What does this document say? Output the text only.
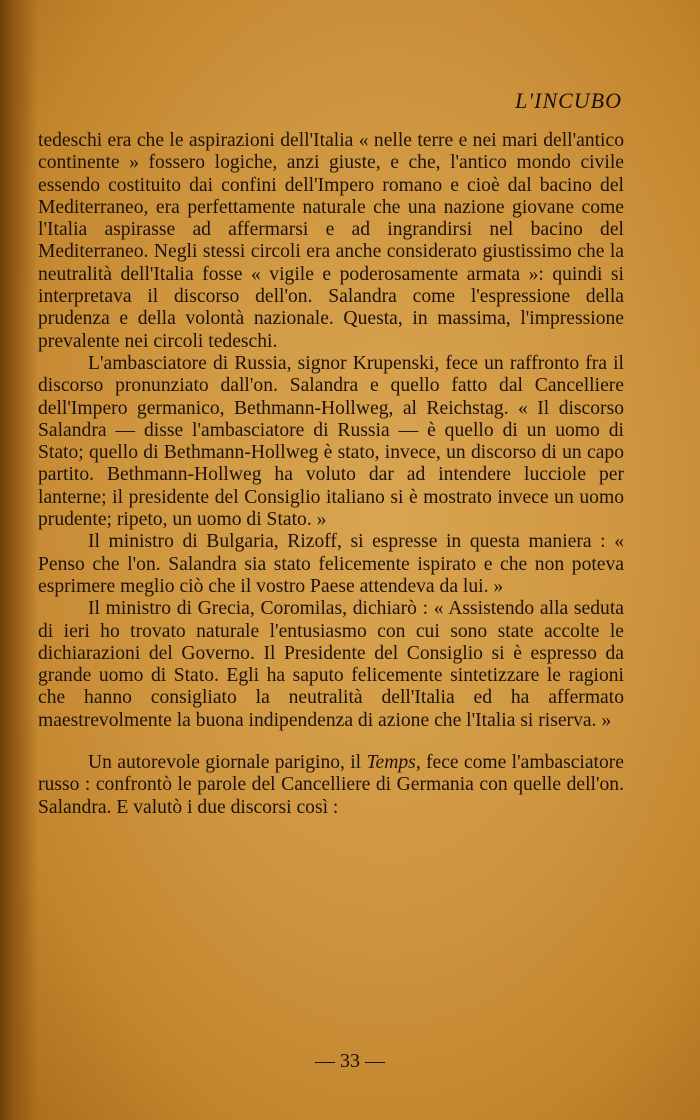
L'INCUBO

tedeschi era che le aspirazioni dell'Italia « nelle terre e nei mari dell'antico continente » fossero logiche, anzi giuste, e che, l'antico mondo civile essendo costituito dai confini dell'Impero romano e cioè dal bacino del Mediterraneo, era perfettamente naturale che una nazione giovane come l'Italia aspirasse ad affermarsi e ad ingrandirsi nel bacino del Mediterraneo. Negli stessi circoli era anche considerato giustissimo che la neutralità dell'Italia fosse « vigile e poderosamente armata »: quindi si interpretava il discorso dell'on. Salandra come l'espressione della prudenza e della volontà nazionale. Questa, in massima, l'impressione prevalente nei circoli tedeschi.

L'ambasciatore di Russia, signor Krupenski, fece un raffronto fra il discorso pronunziato dall'on. Salandra e quello fatto dal Cancelliere dell'Impero germanico, Bethmann-Hollweg, al Reichstag. « Il discorso Salandra — disse l'ambasciatore di Russia — è quello di un uomo di Stato; quello di Bethmann-Hollweg è stato, invece, un discorso di un capo partito. Bethmann-Hollweg ha voluto dar ad intendere lucciole per lanterne; il presidente del Consiglio italiano si è mostrato invece un uomo prudente; ripeto, un uomo di Stato. »

Il ministro di Bulgaria, Rizoff, si espresse in questa maniera : « Penso che l'on. Salandra sia stato felicemente ispirato e che non poteva esprimere meglio ciò che il vostro Paese attendeva da lui. »

Il ministro di Grecia, Coromilas, dichiarò : « Assistendo alla seduta di ieri ho trovato naturale l'entusiasmo con cui sono state accolte le dichiarazioni del Governo. Il Presidente del Consiglio si è espresso da grande uomo di Stato. Egli ha saputo felicemente sintetizzare le ragioni che hanno consigliato la neutralità dell'Italia ed ha affermato maestrevolmente la buona indipendenza di azione che l'Italia si riserva. »

Un autorevole giornale parigino, il Temps, fece come l'ambasciatore russo : confrontò le parole del Cancelliere di Germania con quelle dell'on. Salandra. E valutò i due discorsi così :

— 33 —
